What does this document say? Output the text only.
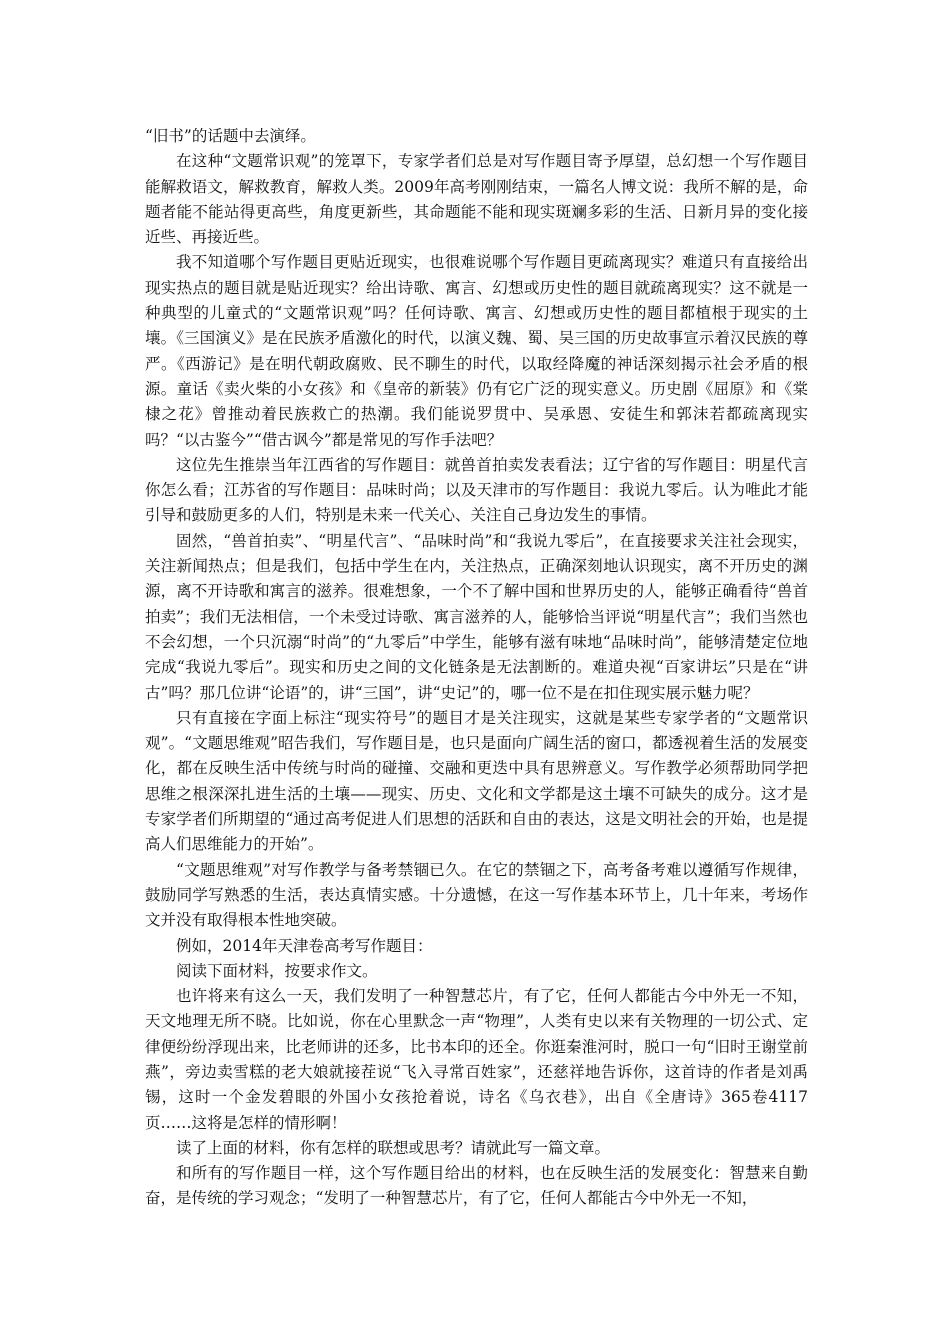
“旧书”的话题中去演绎。

在这种“文题常识观”的笼罩下，专家学者们总是对写作题目寄予厚望，总幻想一个写作题目能解救语文，解救教育，解救人类。2009年高考刚刚结束，一篇名人博文说：我所不解的是，命题者能不能站得更高些，角度更新些，其命题能不能和现实斑斓多彩的生活、日新月异的变化接近些、再接近些。

我不知道哪个写作题目更贴近现实，也很难说哪个写作题目更疏离现实？难道只有直接给出现实热点的题目就是贴近现实？给出诗歌、寓言、幻想或历史性的题目就疏离现实？这不就是一种典型的儿童式的“文题常识观”吗？任何诗歌、寓言、幻想或历史性的题目都植根于现实的土壤。《三国演义》是在民族矛盾激化的时代，以演义魏、蜀、吴三国的历史故事宣示着汉民族的尊严。《西游记》是在明代朝政腐败、民不聊生的时代，以取经降魔的神话深刻揭示社会矛盾的根源。童话《卖火柴的小女孩》和《皇帝的新装》仍有它广泛的现实意义。历史剧《屈原》和《棠棣之花》曾推动着民族救亡的热潮。我们能说罗贯中、吴承恩、安徒生和郭沫若都疏离现实吗？“以古鉴今”“借古讽今”都是常见的写作手法吧？

这位先生推崇当年江西省的写作题目：就兽首拍卖发表看法；辽宁省的写作题目：明星代言你怎么看；江苏省的写作题目：品味时尚；以及天津市的写作题目：我说九零后。认为唯此才能引导和鼓励更多的人们，特别是未来一代关心、关注自己身边发生的事情。

固然，“兽首拍卖”、“明星代言”、“品味时尚”和“我说九零后”，在直接要求关注社会现实，关注新闻热点；但是我们，包括中学生在内，关注热点，正确深刻地认识现实，离不开历史的渊源，离不开诗歌和寓言的滋养。很难想象，一个不了解中国和世界历史的人，能够正确看待“兽首拍卖”；我们无法相信，一个未受过诗歌、寓言滋养的人，能够恰当评说“明星代言”；我们当然也不会幻想，一个只沉溺“时尚”的“九零后”中学生，能够有滋有味地“品味时尚”，能够清楚定位地完成“我说九零后”。现实和历史之间的文化链条是无法割断的。难道央视“百家讲坛”只是在“讲古”吗？那几位讲“论语”的，讲“三国”，讲“史记”的，哪一位不是在扣住现实展示魅力呢？

只有直接在字面上标注“现实符号”的题目才是关注现实，这就是某些专家学者的“文题常识观”。“文题思维观”昭告我们，写作题目是，也只是面向广阔生活的窗口，都透视着生活的发展变化，都在反映生活中传统与时尚的碰撞、交融和更迭中具有思辨意义。写作教学必须帮助同学把思维之根深深扎进生活的土壤——现实、历史、文化和文学都是这土壤不可缺失的成分。这才是专家学者们所期望的“通过高考促进人们思想的活跃和自由的表达，这是文明社会的开始，也是提高人们思维能力的开始”。

“文题思维观”对写作教学与备考禁锢已久。在它的禁锢之下，高考备考难以遵循写作规律，鼓励同学写熟悉的生活，表达真情实感。十分遗憾，在这一写作基本环节上，几十年来，考场作文并没有取得根本性地突破。

例如，2014年天津卷高考写作题目：

阅读下面材料，按要求作文。

也许将来有这么一天，我们发明了一种智慧芯片，有了它，任何人都能古今中外无一不知，天文地理无所不晓。比如说，你在心里默念一声“物理”，人类有史以来有关物理的一切公式、定律便纷纷浮现出来，比老师讲的还多，比书本印的还全。你逛秦淮河时，脱口一句“旧时王谢堂前燕”，旁边卖雪糕的老大娘就接茬说“飞入寻常百姓家”，还慈祥地告诉你，这首诗的作者是刘禹锡，这时一个金发碧眼的外国小女孩抢着说，诗名《乌衣巷》，出自《全唐诗》365卷4117页……这将是怎样的情形啊！

读了上面的材料，你有怎样的联想或思考？请就此写一篇文章。

和所有的写作题目一样，这个写作题目给出的材料，也在反映生活的发展变化：智慧来自勤奋，是传统的学习观念；“发明了一种智慧芯片，有了它，任何人都能古今中外无一不知，
